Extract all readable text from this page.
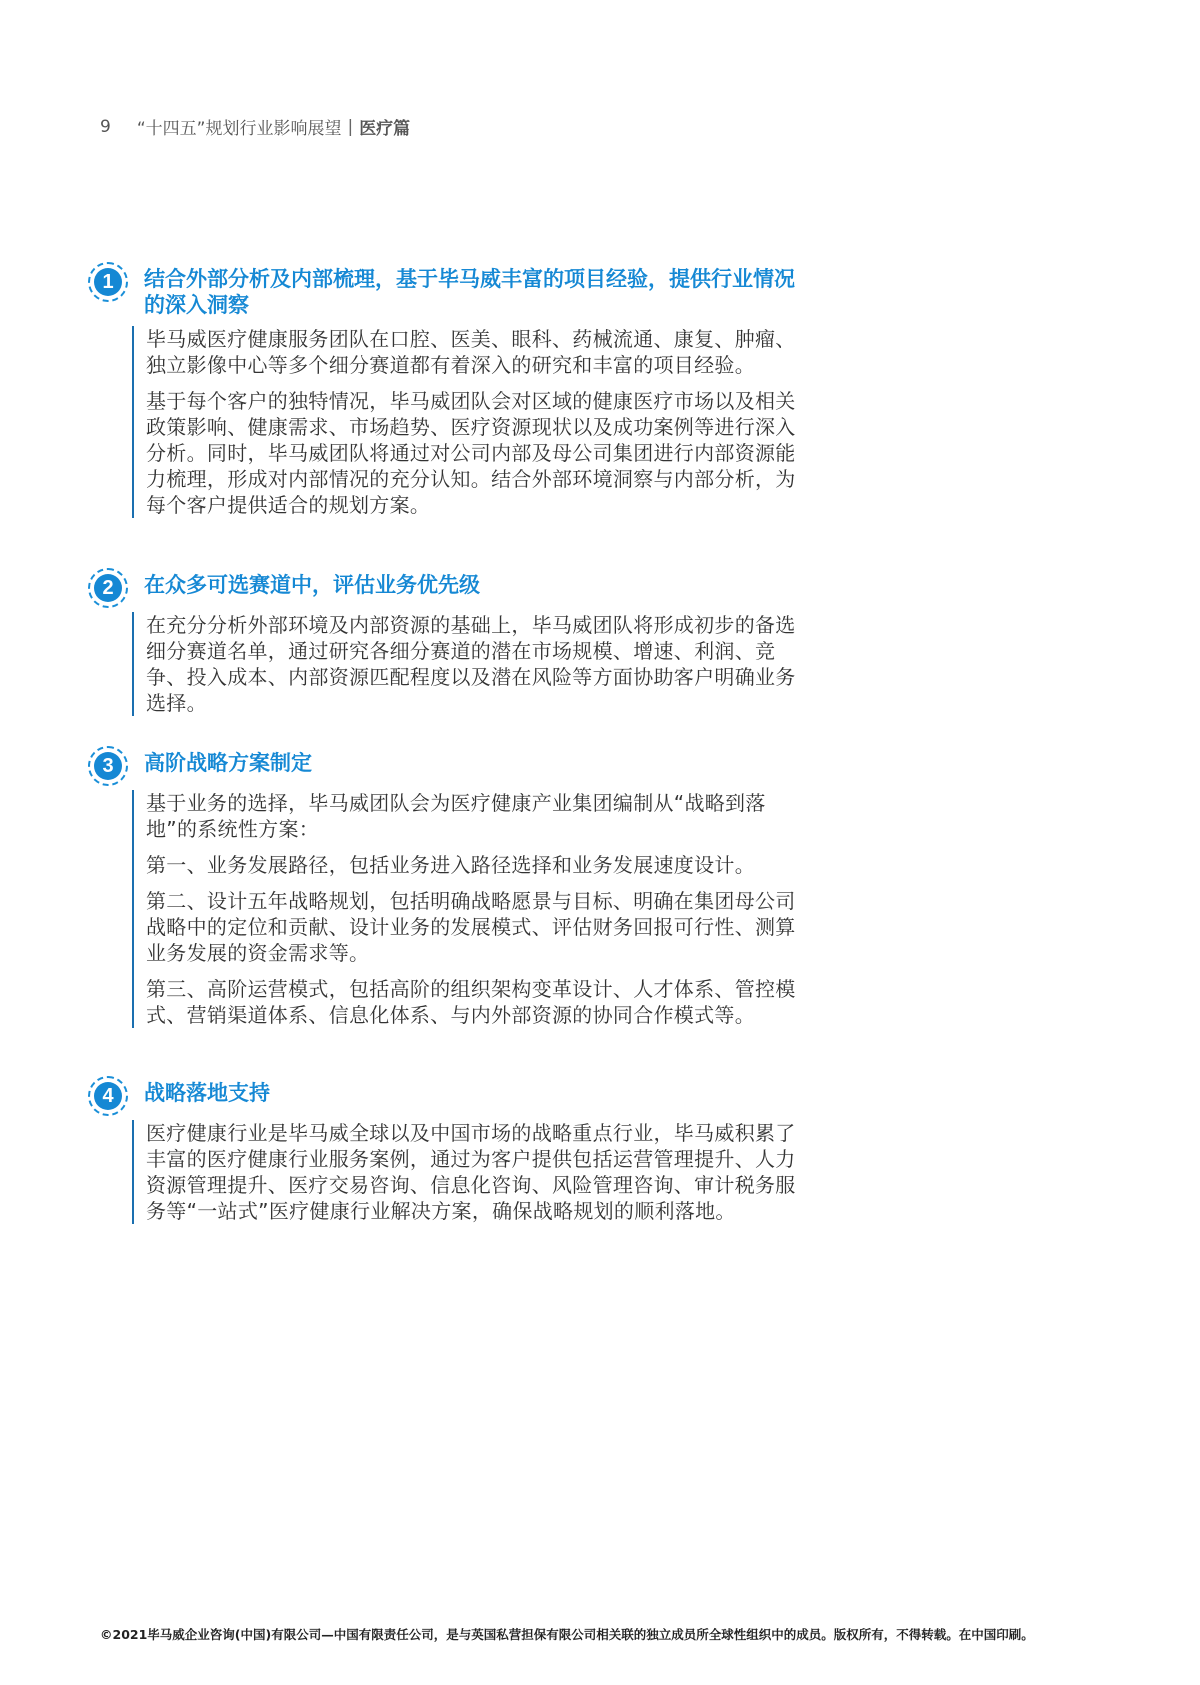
9 “十四五”规划行业影响展望 | 医疗篇
1	结合外部分析及内部梳理，基于毕马威丰富的项目经验，提供行业情况的深入洞察

毕马威医疗健康服务团队在口腔、医美、眼科、药械流通、康复、肿瘤、独立影像中心等多个细分赛道都有着深入的研究和丰富的项目经验。

基于每个客户的独特情况，毕马威团队会对区域的健康医疗市场以及相关政策影响、健康需求、市场趋势、医疗资源现状以及成功案例等进行深入分析。同时，毕马威团队将通过对公司内部及母公司集团进行内部资源能力梳理，形成对内部情况的充分认知。结合外部环境洞察与内部分析，为每个客户提供适合的规划方案。

2	在众多可选赛道中，评估业务优先级

在充分分析外部环境及内部资源的基础上，毕马威团队将形成初步的备选细分赛道名单，通过研究各细分赛道的潜在市场规模、增速、利润、竞争、投入成本、内部资源匹配程度以及潜在风险等方面协助客户明确业务选择。

3	高阶战略方案制定

基于业务的选择，毕马威团队会为医疗健康产业集团编制从“战略到落地”的系统性方案：

第一、业务发展路径，包括业务进入路径选择和业务发展速度设计。

第二、设计五年战略规划，包括明确战略愿景与目标、明确在集团母公司战略中的定位和贡献、设计业务的发展模式、评估财务回报可行性、测算业务发展的资金需求等。

第三、高阶运营模式，包括高阶的组织架构变革设计、人才体系、管控模式、营销渠道体系、信息化体系、与内外部资源的协同合作模式等。

4	战略落地支持

医疗健康行业是毕马威全球以及中国市场的战略重点行业，毕马威积累了丰富的医疗健康行业服务案例，通过为客户提供包括运营管理提升、人力资源管理提升、医疗交易咨询、信息化咨询、风险管理咨询、审计税务服务等“一站式”医疗健康行业解决方案，确保战略规划的顺利落地。

©2021毕马威企业咨询(中国)有限公司—中国有限责任公司，是与英国私营担保有限公司相关联的独立成员所全球性组织中的成员。版权所有，不得转载。在中国印刷。
